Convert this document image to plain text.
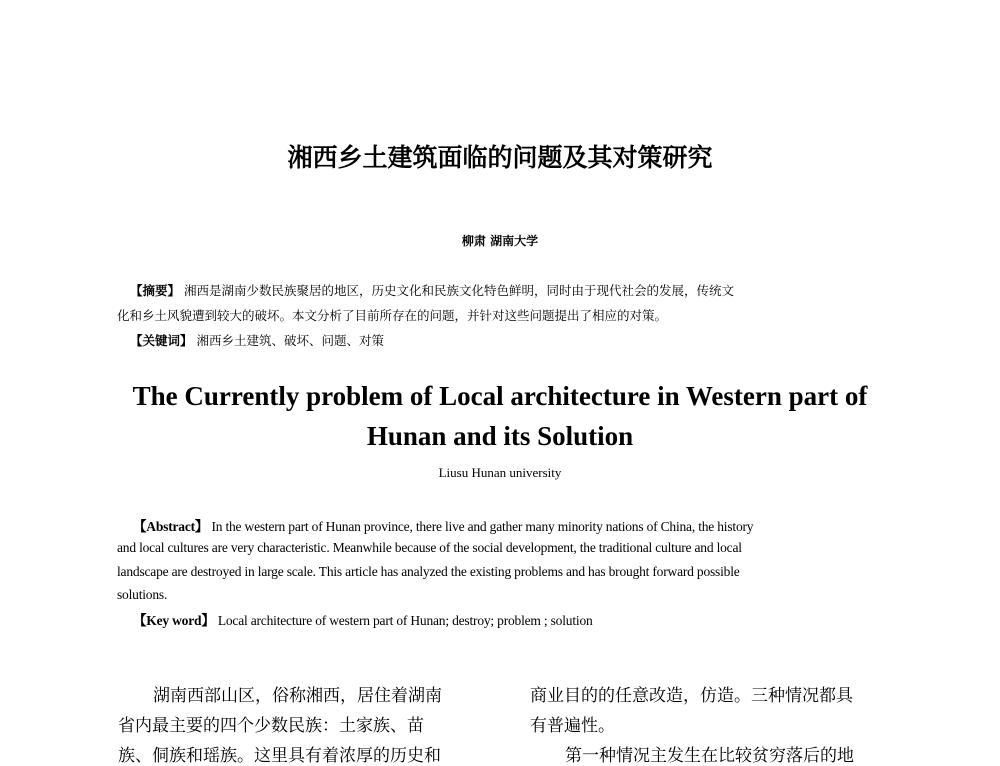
湘西乡土建筑面临的问题及其对策研究
柳肃 湖南大学
【摘要】 湘西是湖南少数民族聚居的地区，历史文化和民族文化特色鲜明，同时由于现代社会的发展，传统文
化和乡土风貌遭到较大的破坏。本文分析了目前所存在的问题，并针对这些问题提出了相应的对策。
【关键词】 湘西乡土建筑、破坏、问题、对策
The Currently problem of Local architecture in Western part of
Hunan and its Solution
Liusu Hunan university
【Abstract】 In the western part of Hunan province, there live and gather many minority nations of China, the history
and local cultures are very characteristic. Meanwhile because of the social development, the traditional culture and local
landscape are destroyed in large scale. This article has analyzed the existing problems and has brought forward possible
solutions.
【Key word】 Local architecture of western part of Hunan; destroy; problem ; solution
湖南西部山区，俗称湘西，居住着湖南
省内最主要的四个少数民族：土家族、苗
族、侗族和瑶族。这里具有着浓厚的历史和
商业目的的任意改造，仿造。三种情况都具
有普遍性。
第一种情况主发生在比较贫穷落后的地
